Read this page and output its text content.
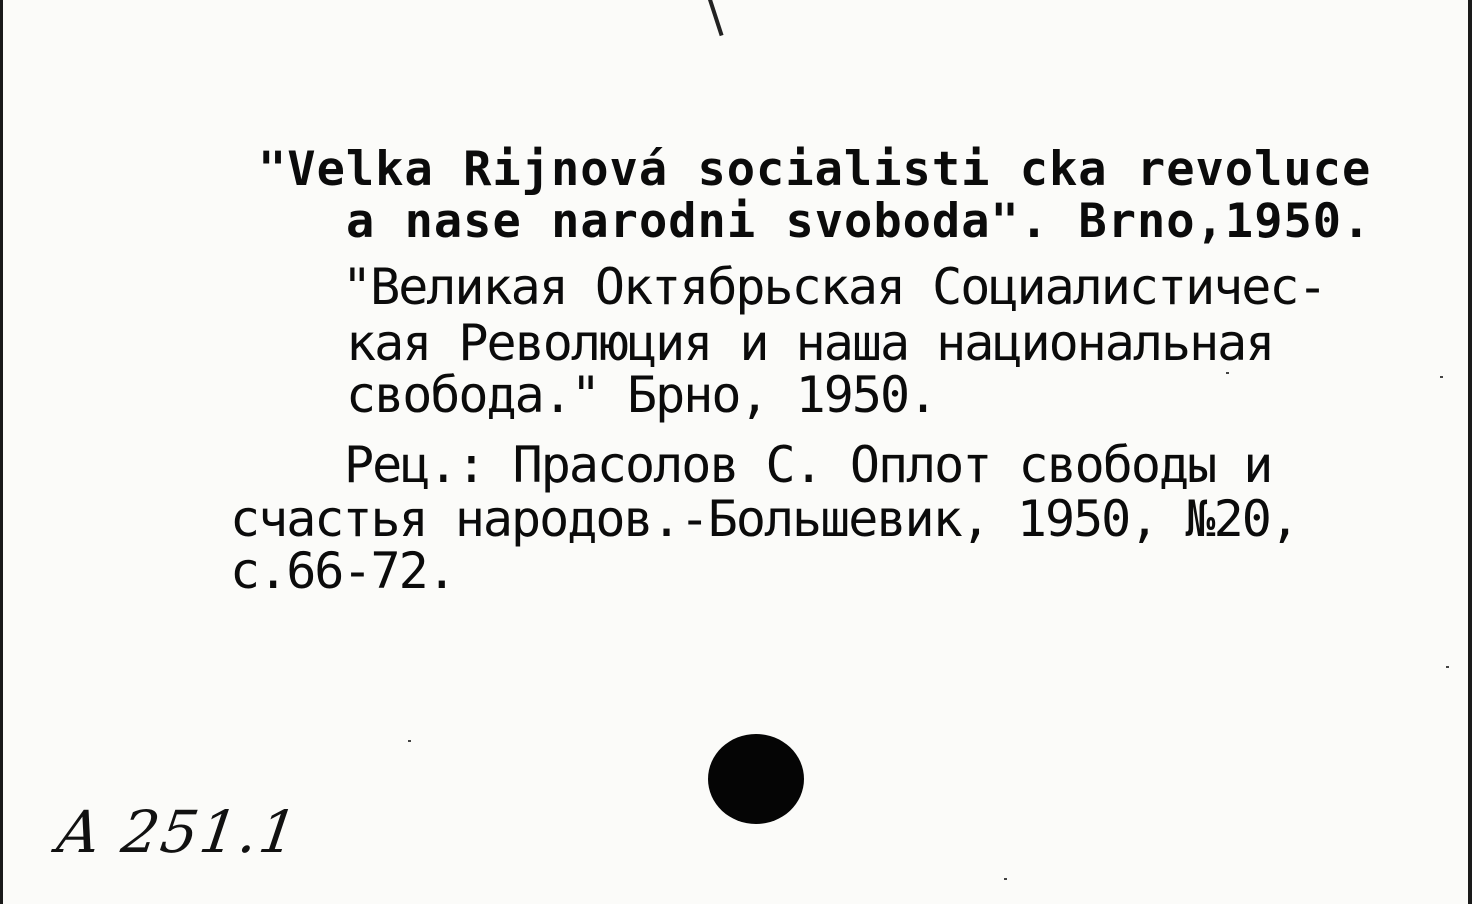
"Velka Rijnová socialisti cka revoluce
a nase narodni svoboda". Brno,1950.
"Великая Октябрьская Социалистичес-
кая Революция и наша национальная
свобода." Брно, 1950.
Рец.: Прасолов С. Оплот свободы и
счастья народов.-Большевик, 1950, №20,
с.66-72.
A 251.1
